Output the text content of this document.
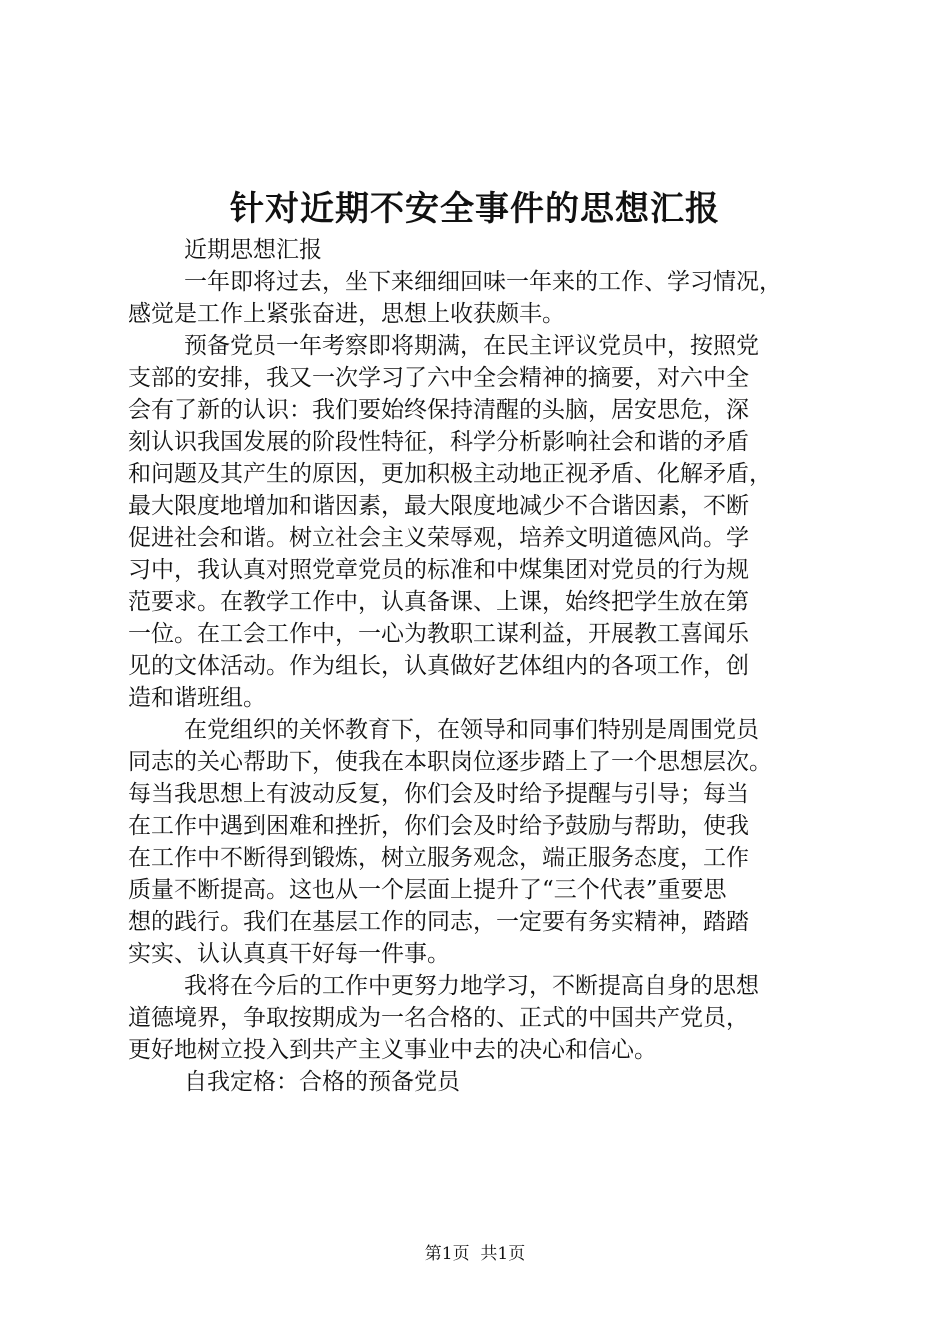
针对近期不安全事件的思想汇报
近期思想汇报
一年即将过去，坐下来细细回味一年来的工作、学习情况，
感觉是工作上紧张奋进，思想上收获颇丰。
预备党员一年考察即将期满，在民主评议党员中，按照党
支部的安排，我又一次学习了六中全会精神的摘要，对六中全
会有了新的认识：我们要始终保持清醒的头脑，居安思危，深
刻认识我国发展的阶段性特征，科学分析影响社会和谐的矛盾
和问题及其产生的原因，更加积极主动地正视矛盾、化解矛盾，
最大限度地增加和谐因素，最大限度地减少不合谐因素，不断
促进社会和谐。树立社会主义荣辱观，培养文明道德风尚。学
习中，我认真对照党章党员的标准和中煤集团对党员的行为规
范要求。在教学工作中，认真备课、上课，始终把学生放在第
一位。在工会工作中，一心为教职工谋利益，开展教工喜闻乐
见的文体活动。作为组长，认真做好艺体组内的各项工作，创
造和谐班组。
在党组织的关怀教育下，在领导和同事们特别是周围党员
同志的关心帮助下，使我在本职岗位逐步踏上了一个思想层次。
每当我思想上有波动反复，你们会及时给予提醒与引导；每当
在工作中遇到困难和挫折，你们会及时给予鼓励与帮助，使我
在工作中不断得到锻炼，树立服务观念，端正服务态度，工作
质量不断提高。这也从一个层面上提升了“三个代表”重要思
想的践行。我们在基层工作的同志，一定要有务实精神，踏踏
实实、认认真真干好每一件事。
我将在今后的工作中更努力地学习，不断提高自身的思想
道德境界，争取按期成为一名合格的、正式的中国共产党员，
更好地树立投入到共产主义事业中去的决心和信心。
自我定格：合格的预备党员
第1页  共1页
